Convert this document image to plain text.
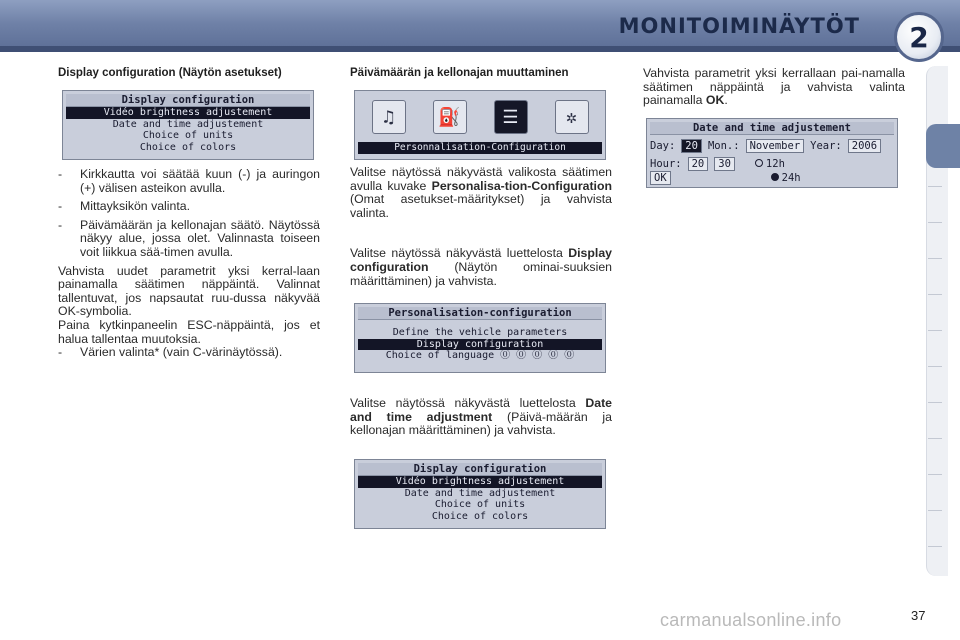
MONITOIMINÄYTÖT	2
Display configuration (Näytön asetukset)
Display configuration
Vidéo brightness adjustement
Date and time adjustement
Choice of units
Choice of colors
-	Kirkkautta voi säätää kuun (-) ja auringon (+) välisen asteikon avulla.
-	Mittayksikön valinta.
-	Päivämäärän ja kellonajan säätö. Näytössä näkyy alue, jossa olet. Valinnasta toiseen voit liikkua sää-timen avulla.

Vahvista uudet parametrit yksi kerral-laan painamalla säätimen näppäintä. Valinnat tallentuvat, jos napsautat ruu-dussa näkyvää OK-symbolia.

Paina kytkinpaneelin ESC-näppäintä, jos et halua tallentaa muutoksia.

-	Värien valinta* (vain C-värinäytössä).
Päivämäärän ja kellonajan muuttaminen
♫	⛽	☰	✲
Personnalisation-Configuration

Valitse näytössä näkyvästä valikosta säätimen avulla kuvake Personalisa-tion-Configuration (Omat asetukset-määritykset) ja vahvista valinta.

Valitse näytössä näkyvästä luettelosta Display configuration (Näytön ominai-suuksien määrittäminen) ja vahvista.

Personalisation-configuration
Define the vehicle parameters
Display configuration
Choice of language ⓪ ⓪ ⓪ ⓪ ⓪

Valitse näytössä näkyvästä luettelosta Date and time adjustment (Päivä-määrän ja kellonajan määrittäminen) ja vahvista.

Display configuration
Vidéo brightness adjustement
Date and time adjustement
Choice of units
Choice of colors

Vahvista parametrit yksi kerrallaan pai-namalla säätimen näppäintä ja vahvista valinta painamalla OK.

Date and time adjustement
Day: 20 Mon.: November Year: 2006
Hour: 20	30	12h
OK	24h
carmanualsonline.info	37
